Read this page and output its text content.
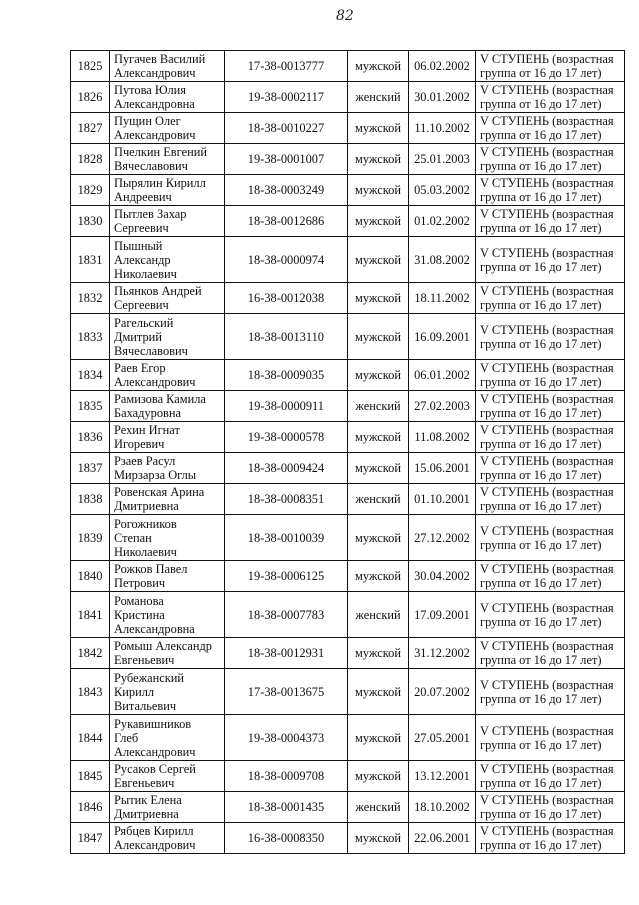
82
1825	Пугачев Василий
Александрович	17-38-0013777	мужской	06.02.2002	V СТУПЕНЬ (возрастная
группа от 16 до 17 лет)

1826	Путова Юлия
Александровна	19-38-0002117	женский	30.01.2002	V СТУПЕНЬ (возрастная
группа от 16 до 17 лет)

1827	Пущин Олег
Александрович	18-38-0010227	мужской	11.10.2002	V СТУПЕНЬ (возрастная
группа от 16 до 17 лет)

1828	Пчелкин Евгений
Вячеславович	19-38-0001007	мужской	25.01.2003	V СТУПЕНЬ (возрастная
группа от 16 до 17 лет)

1829	Пырялин Кирилл
Андреевич	18-38-0003249	мужской	05.03.2002	V СТУПЕНЬ (возрастная
группа от 16 до 17 лет)

1830	Пытлев Захар
Сергеевич	18-38-0012686	мужской	01.02.2002	V СТУПЕНЬ (возрастная
группа от 16 до 17 лет)

1831	Пышный
Александр
Николаевич	18-38-0000974	мужской	31.08.2002	V СТУПЕНЬ (возрастная
группа от 16 до 17 лет)

1832	Пьянков Андрей
Сергеевич	16-38-0012038	мужской	18.11.2002	V СТУПЕНЬ (возрастная
группа от 16 до 17 лет)

1833	Рагельский
Дмитрий
Вячеславович	18-38-0013110	мужской	16.09.2001	V СТУПЕНЬ (возрастная
группа от 16 до 17 лет)

1834	Раев Егор
Александрович	18-38-0009035	мужской	06.01.2002	V СТУПЕНЬ (возрастная
группа от 16 до 17 лет)

1835	Рамизова Камила
Бахадуровна	19-38-0000911	женский	27.02.2003	V СТУПЕНЬ (возрастная
группа от 16 до 17 лет)

1836	Рехин Игнат
Игоревич	19-38-0000578	мужской	11.08.2002	V СТУПЕНЬ (возрастная
группа от 16 до 17 лет)

1837	Рзаев Расул
Мирзарза Оглы	18-38-0009424	мужской	15.06.2001	V СТУПЕНЬ (возрастная
группа от 16 до 17 лет)

1838	Ровенская Арина
Дмитриевна	18-38-0008351	женский	01.10.2001	V СТУПЕНЬ (возрастная
группа от 16 до 17 лет)

1839	Рогожников
Степан
Николаевич	18-38-0010039	мужской	27.12.2002	V СТУПЕНЬ (возрастная
группа от 16 до 17 лет)

1840	Рожков Павел
Петрович	19-38-0006125	мужской	30.04.2002	V СТУПЕНЬ (возрастная
группа от 16 до 17 лет)

1841	Романова
Кристина
Александровна	18-38-0007783	женский	17.09.2001	V СТУПЕНЬ (возрастная
группа от 16 до 17 лет)

1842	Ромыш Александр
Евгеньевич	18-38-0012931	мужской	31.12.2002	V СТУПЕНЬ (возрастная
группа от 16 до 17 лет)

1843	Рубежанский
Кирилл
Витальевич	17-38-0013675	мужской	20.07.2002	V СТУПЕНЬ (возрастная
группа от 16 до 17 лет)

1844	Рукавишников
Глеб
Александрович	19-38-0004373	мужской	27.05.2001	V СТУПЕНЬ (возрастная
группа от 16 до 17 лет)

1845	Русаков Сергей
Евгеньевич	18-38-0009708	мужской	13.12.2001	V СТУПЕНЬ (возрастная
группа от 16 до 17 лет)

1846	Рытик Елена
Дмитриевна	18-38-0001435	женский	18.10.2002	V СТУПЕНЬ (возрастная
группа от 16 до 17 лет)

1847	Рябцев Кирилл
Александрович	16-38-0008350	мужской	22.06.2001	V СТУПЕНЬ (возрастная
группа от 16 до 17 лет)
